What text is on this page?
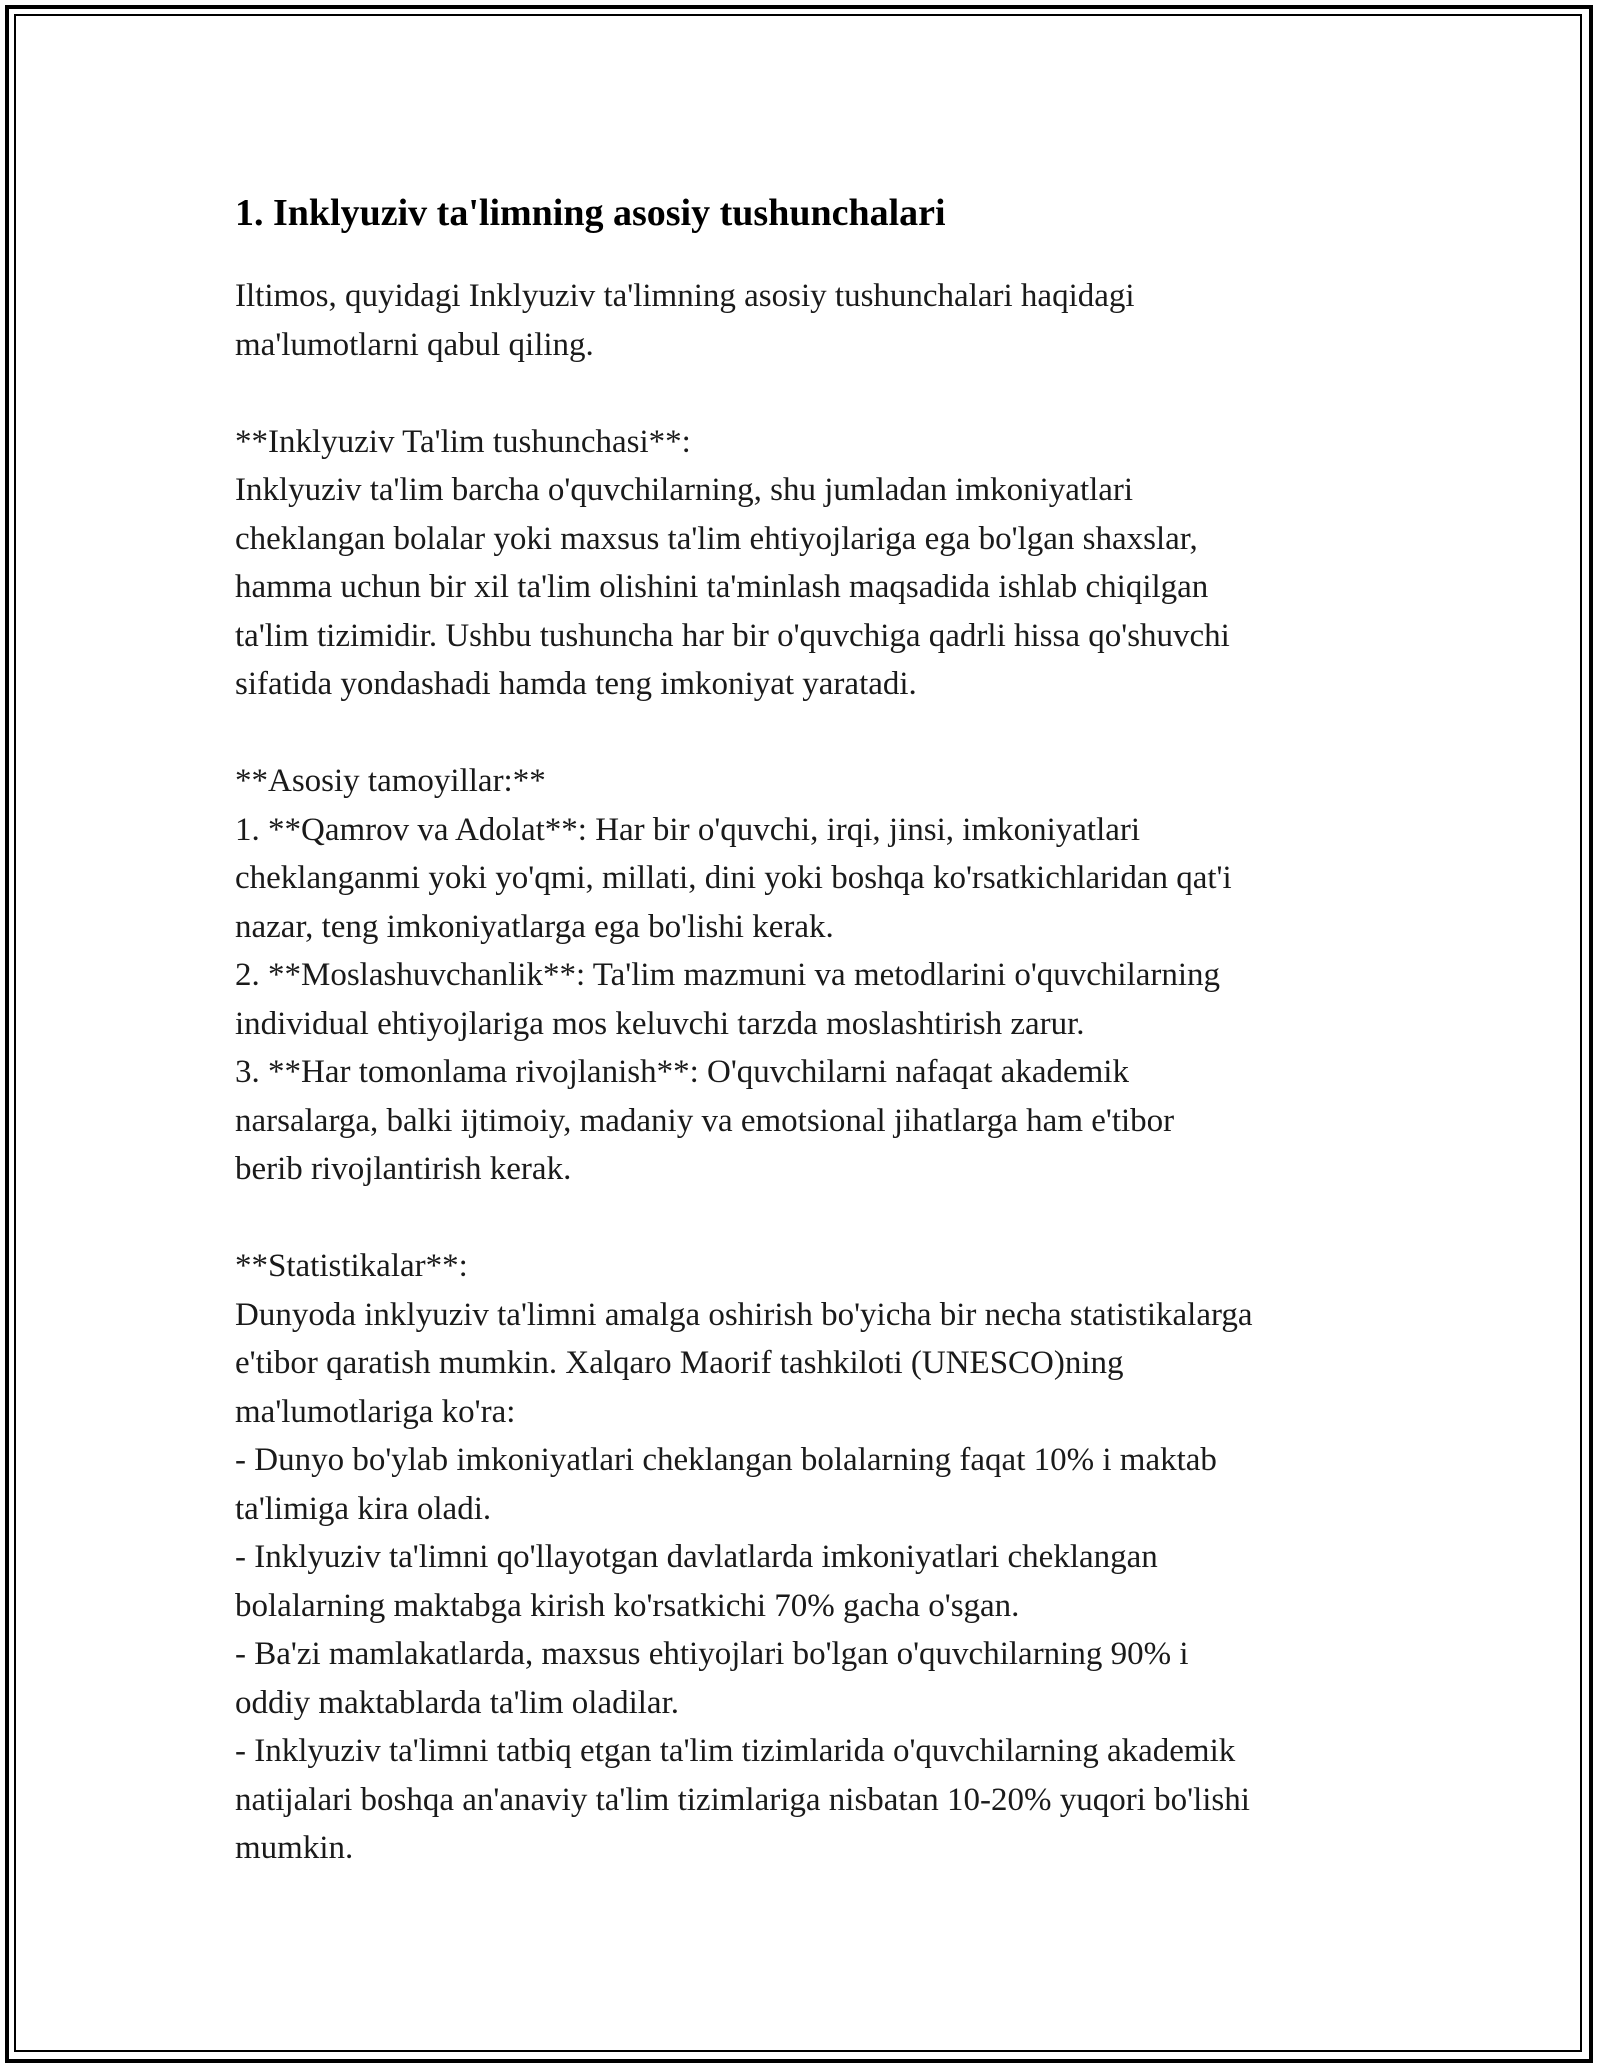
1. Inklyuziv ta'limning asosiy tushunchalari

Iltimos, quyidagi Inklyuziv ta'limning asosiy tushunchalari haqidagi
ma'lumotlarni qabul qiling.

**Inklyuziv Ta'lim tushunchasi**:
Inklyuziv ta'lim barcha o'quvchilarning, shu jumladan imkoniyatlari
cheklangan bolalar yoki maxsus ta'lim ehtiyojlariga ega bo'lgan shaxslar,
hamma uchun bir xil ta'lim olishini ta'minlash maqsadida ishlab chiqilgan
ta'lim tizimidir. Ushbu tushuncha har bir o'quvchiga qadrli hissa qo'shuvchi
sifatida yondashadi hamda teng imkoniyat yaratadi.

**Asosiy tamoyillar:**
1. **Qamrov va Adolat**: Har bir o'quvchi, irqi, jinsi, imkoniyatlari
cheklanganmi yoki yo'qmi, millati, dini yoki boshqa ko'rsatkichlaridan qat'i
nazar, teng imkoniyatlarga ega bo'lishi kerak.
2. **Moslashuvchanlik**: Ta'lim mazmuni va metodlarini o'quvchilarning
individual ehtiyojlariga mos keluvchi tarzda moslashtirish zarur.
3. **Har tomonlama rivojlanish**: O'quvchilarni nafaqat akademik
narsalarga, balki ijtimoiy, madaniy va emotsional jihatlarga ham e'tibor
berib rivojlantirish kerak.

**Statistikalar**:
Dunyoda inklyuziv ta'limni amalga oshirish bo'yicha bir necha statistikalarga
e'tibor qaratish mumkin. Xalqaro Maorif tashkiloti (UNESCO)ning
ma'lumotlariga ko'ra:
- Dunyo bo'ylab imkoniyatlari cheklangan bolalarning faqat 10% i maktab
ta'limiga kira oladi.
- Inklyuziv ta'limni qo'llayotgan davlatlarda imkoniyatlari cheklangan
bolalarning maktabga kirish ko'rsatkichi 70% gacha o'sgan.
- Ba'zi mamlakatlarda, maxsus ehtiyojlari bo'lgan o'quvchilarning 90% i
oddiy maktablarda ta'lim oladilar.
- Inklyuziv ta'limni tatbiq etgan ta'lim tizimlarida o'quvchilarning akademik
natijalari boshqa an'anaviy ta'lim tizimlariga nisbatan 10-20% yuqori bo'lishi
mumkin.
